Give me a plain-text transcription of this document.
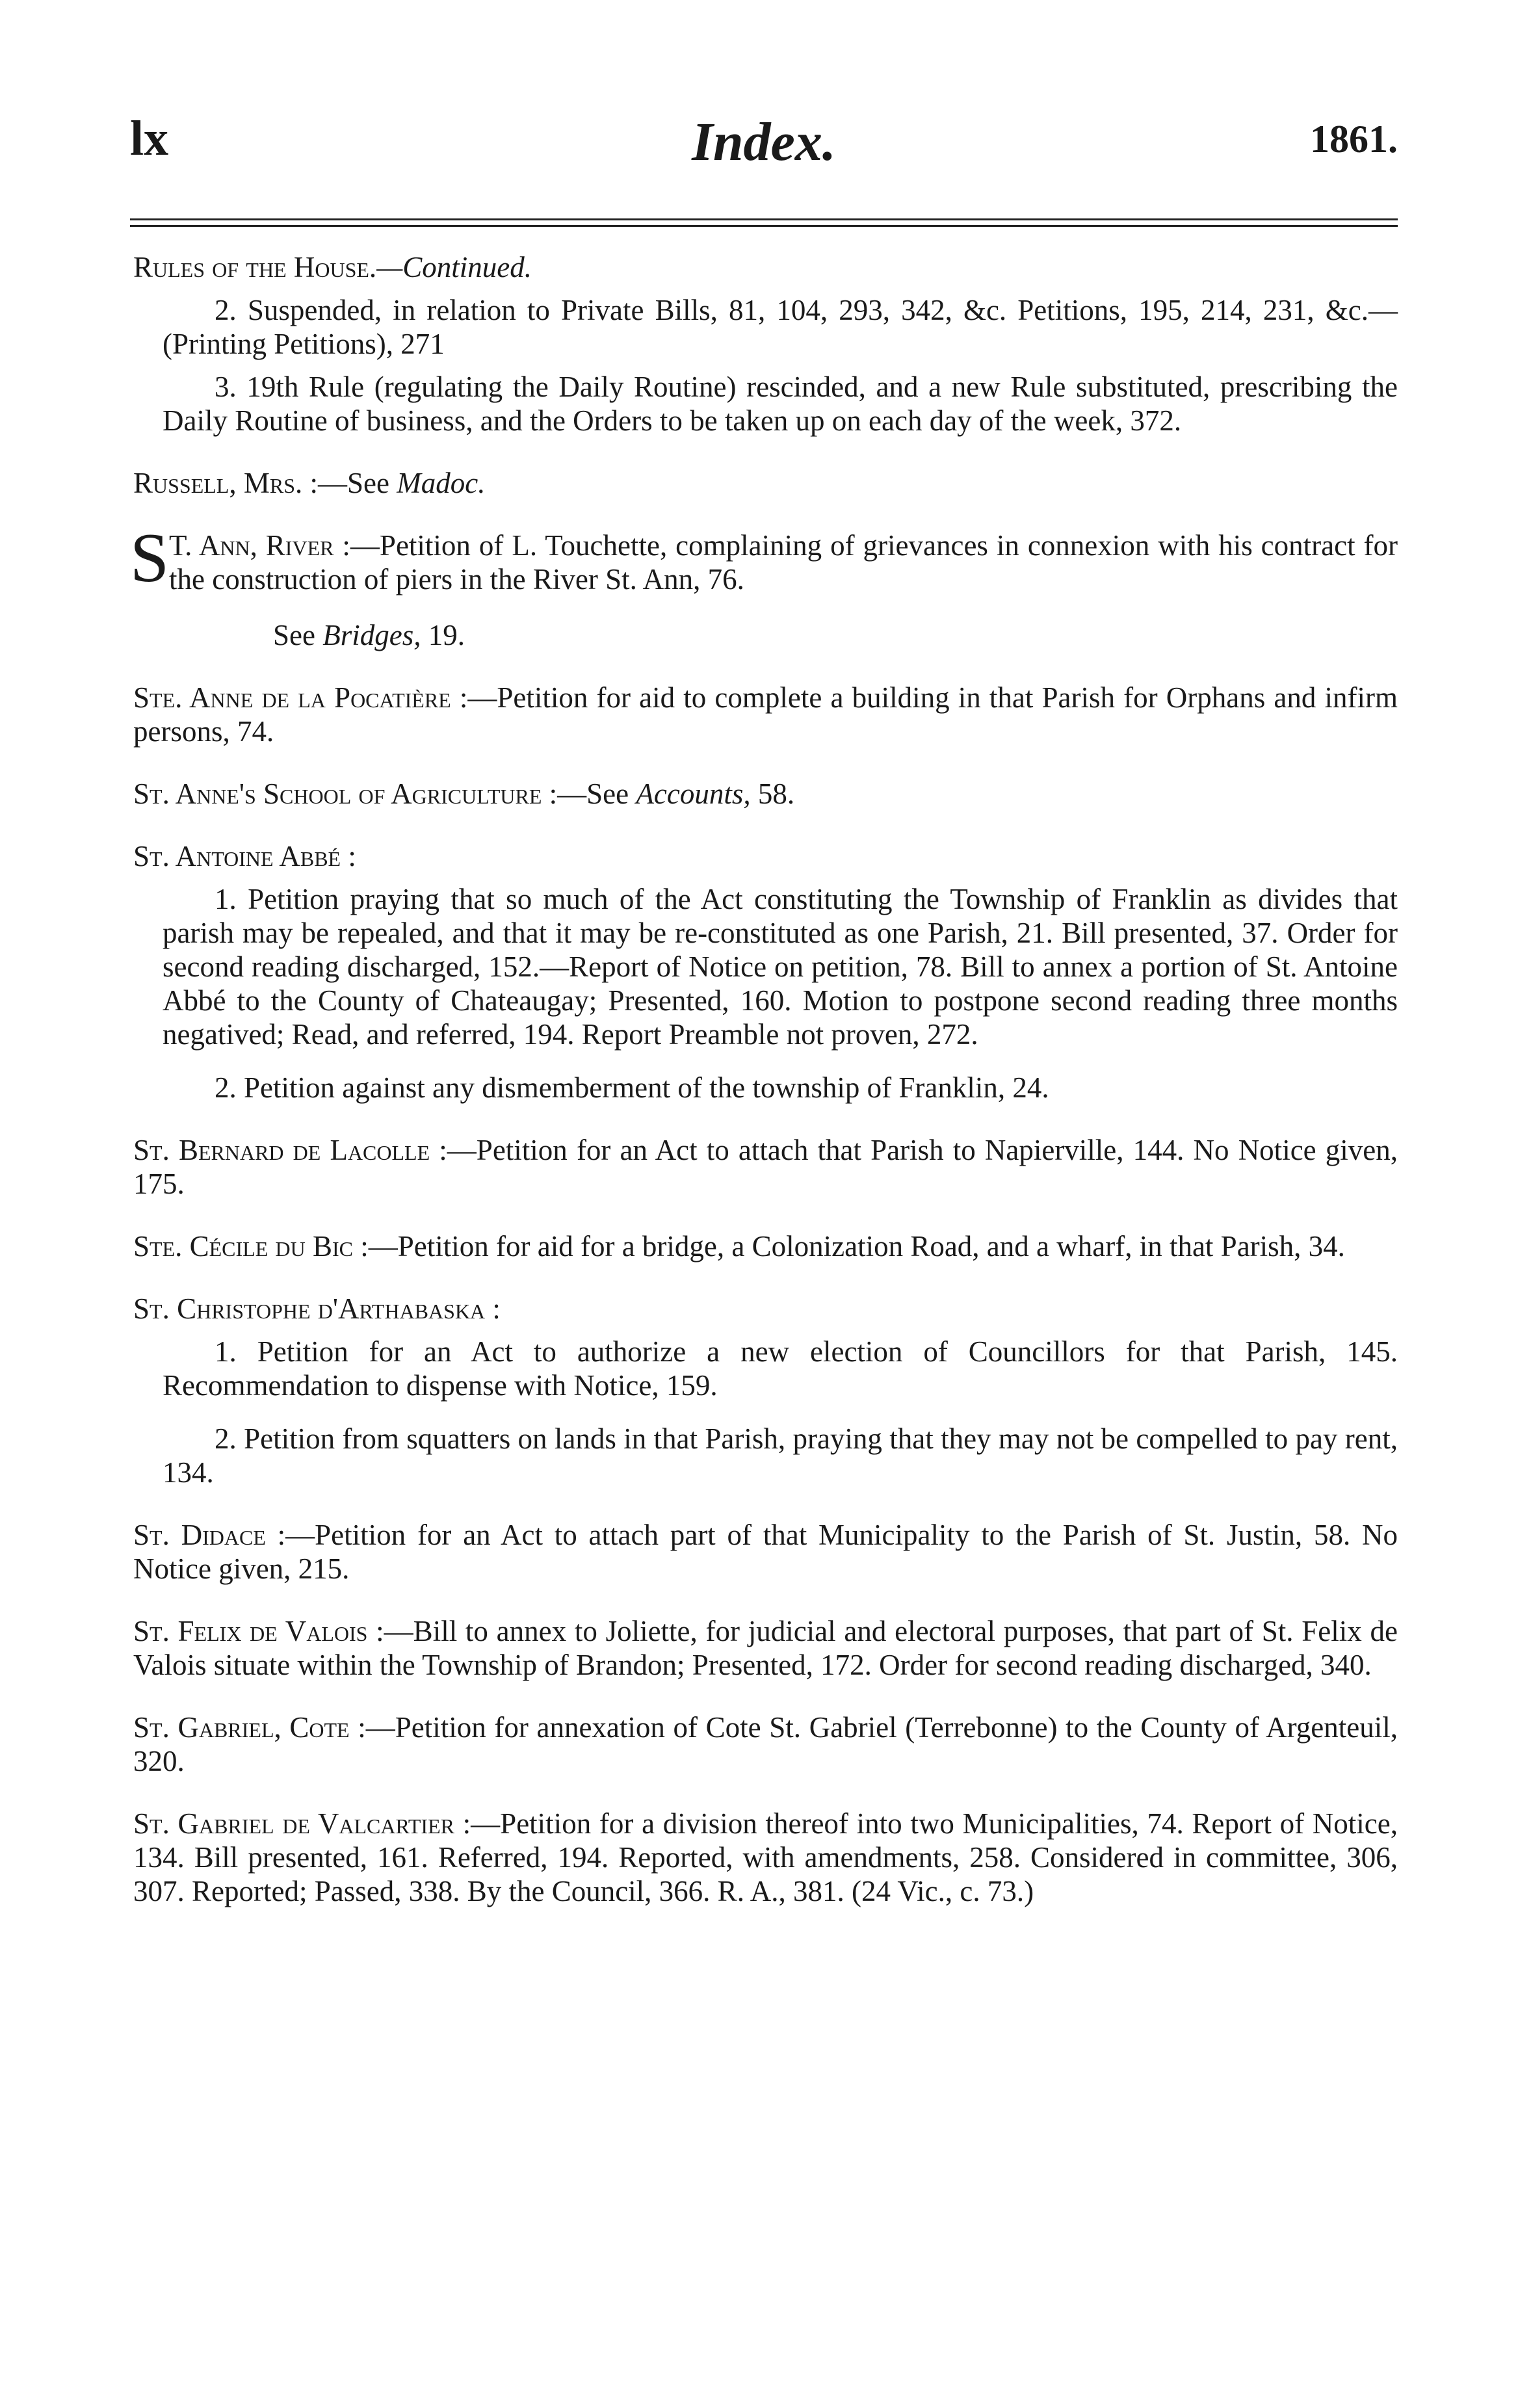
lx	Index.	1861.
Rules of the House.—Continued.
2. Suspended, in relation to Private Bills, 81, 104, 293, 342, &c. Petitions, 195, 214, 231, &c.—(Printing Petitions), 271
3. 19th Rule (regulating the Daily Routine) rescinded, and a new Rule substituted, prescribing the Daily Routine of business, and the Orders to be taken up on each day of the week, 372.
Russell, Mrs. :—See Madoc.
S T. Ann, River :—Petition of L. Touchette, complaining of grievances in connexion with his contract for the construction of piers in the River St. Ann, 76.
See Bridges, 19.
Ste. Anne de la Pocatière :—Petition for aid to complete a building in that Parish for Orphans and infirm persons, 74.
St. Anne's School of Agriculture :—See Accounts, 58.
St. Antoine Abbé :
1. Petition praying that so much of the Act constituting the Township of Franklin as divides that parish may be repealed, and that it may be re-constituted as one Parish, 21. Bill presented, 37. Order for second reading discharged, 152.—Report of Notice on petition, 78. Bill to annex a portion of St. Antoine Abbé to the County of Chateaugay; Presented, 160. Motion to postpone second reading three months negatived; Read, and referred, 194. Report Preamble not proven, 272.
2. Petition against any dismemberment of the township of Franklin, 24.
St. Bernard de Lacolle :—Petition for an Act to attach that Parish to Napierville, 144. No Notice given, 175.
Ste. Cécile du Bic :—Petition for aid for a bridge, a Colonization Road, and a wharf, in that Parish, 34.
St. Christophe d'Arthabaska :
1. Petition for an Act to authorize a new election of Councillors for that Parish, 145. Recommendation to dispense with Notice, 159.
2. Petition from squatters on lands in that Parish, praying that they may not be compelled to pay rent, 134.
St. Didace :—Petition for an Act to attach part of that Municipality to the Parish of St. Justin, 58. No Notice given, 215.
St. Felix de Valois :—Bill to annex to Joliette, for judicial and electoral purposes, that part of St. Felix de Valois situate within the Township of Brandon; Presented, 172. Order for second reading discharged, 340.
St. Gabriel, Cote :—Petition for annexation of Cote St. Gabriel (Terrebonne) to the County of Argenteuil, 320.
St. Gabriel de Valcartier :—Petition for a division thereof into two Municipalities, 74. Report of Notice, 134. Bill presented, 161. Referred, 194. Reported, with amendments, 258. Considered in committee, 306, 307. Reported; Passed, 338. By the Council, 366. R. A., 381. (24 Vic., c. 73.)
